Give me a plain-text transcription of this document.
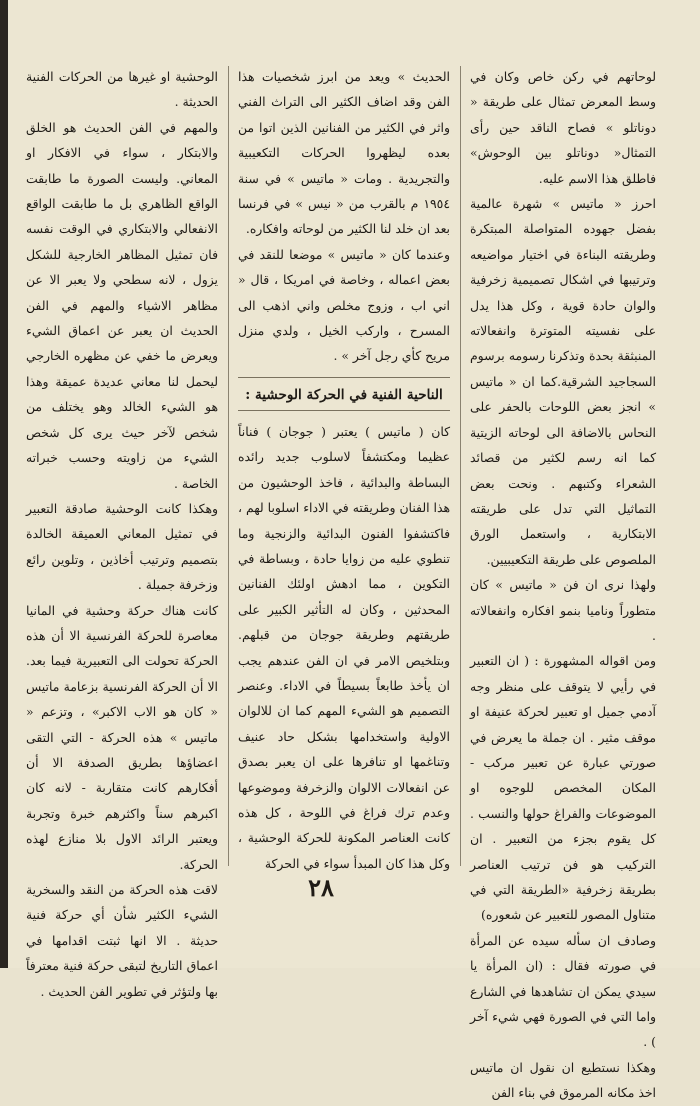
لوحاتهم في ركن خاص وكان في وسط المعرض تمثال على طريقة « دوناتلو » فصاح الناقد حين رأى التمثال« دوناتلو بين الوحوش» فاطلق هذا الاسم عليه.

احرز « ماتيس » شهرة عالمية بفضل جهوده المتواصلة المبتكرة وطريقته البناءة في اختيار مواضيعه وترتيبها في اشكال تصميمية زخرفية والوان حادة قوية ، وكل هذا يدل على نفسيته المتوترة وانفعالاته المنبثقة بحدة وتذكرنا رسومه برسوم السجاجيد الشرقية.كما ان « ماتيس » انجز بعض اللوحات بالحفر على النحاس بالاضافة الى لوحاته الزيتية كما انه رسم لكثير من قصائد الشعراء وكتبهم . ونحت بعض التماثيل التي تدل على طريقته الابتكارية ، واستعمل الورق الملصوص على طريقة التكعيبيين.

ولهذا نرى ان فن « ماتيس » كان متطوراً وناميا بنمو افكاره وانفعالاته .

ومن اقواله المشهورة : ( ان التعبير في رأيي لا يتوقف على منظر وجه آدمي جميل او تعبير لحركة عنيفة او موقف مثير . ان جملة ما يعرض في صورتي عبارة عن تعبير مركب - المكان المخصص للوجوه او الموضوعات والفراغ حولها والنسب . كل يقوم بجزء من التعبير . ان التركيب هو فن ترتيب العناصر بطريقة زخرفية «الطريقة التي في متناول المصور للتعبير عن شعوره)

وصادف ان سأله سيده عن المرأة في صورته فقال : (ان المرأة يا سيدي يمكن ان تشاهدها في الشارع واما التي في الصورة فهي شيء آخر ) .

وهكذا نستطيع ان نقول ان ماتيس اخذ مكانه المرموق في بناء الفن

الحديث » ويعد من ابرز شخصيات هذا الفن وقد اضاف الكثير الى التراث الفني واثر في الكثير من الفنانين الذين اتوا من بعده ليظهروا الحركات التكعيبية والتجريدية . ومات « ماتيس » في سنة ١٩٥٤ م بالقرب من « نيس » في فرنسا بعد ان خلد لنا الكثير من لوحاته وافكاره.

وعندما كان « ماتيس » موضعا للنقد في بعض اعماله ، وخاصة في امريكا ، قال « اني اب ، وزوج مخلص واني اذهب الى المسرح ، واركب الخيل ، ولدي منزل مريح كأي رجل آخر » .

الناحية الفنية في الحركة الوحشية :

كان ( ماتيس ) يعتبر ( جوجان ) فناناً عظيما ومكتشفاً لاسلوب جديد رائده البساطة والبدائية ، فاخذ الوحشيون من هذا الفنان وطريقته في الاداء اسلوبا لهم ، فاكتشفوا الفنون البدائية والزنجية وما تنطوي عليه من زوايا حادة ، وبساطة في التكوين ، مما ادهش اولئك الفنانين المحدثين ، وكان له التأثير الكبير على طريقتهم وطريقة جوجان من قبلهم. وبتلخيص الامر في ان الفن عندهم يجب ان يأخذ طابعاً بسيطاً في الاداء. وعنصر التصميم هو الشيء المهم كما ان للالوان الاولية واستخدامها بشكل حاد عنيف وتناغمها او تنافرها على ان يعبر بصدق عن انفعالات الالوان والزخرفة وموضوعها وعدم ترك فراغ في اللوحة ، كل هذه كانت العناصر المكونة للحركة الوحشية ، وكل هذا كان المبدأ سواء في الحركة

الوحشية او غيرها من الحركات الفنية الحديثة .

والمهم في الفن الحديث هو الخلق والابتكار ، سواء في الافكار او المعاني. وليست الصورة ما طابقت الواقع الظاهري بل ما طابقت الواقع الانفعالي والابتكاري في الوقت نفسه فان تمثيل المظاهر الخارجية للشكل يزول ، لانه سطحي ولا يعبر الا عن مظاهر الاشياء والمهم في الفن الحديث ان يعبر عن اعماق الشيء ويعرض ما خفي عن مظهره الخارجي ليحمل لنا معاني عديدة عميقة وهذا هو الشيء الخالد وهو يختلف من شخص لآخر حيث يرى كل شخص الشيء من زاويته وحسب خبراته الخاصة .

وهكذا كانت الوحشية صادقة التعبير في تمثيل المعاني العميقة الخالدة بتصميم وترتيب أخاذين ، وتلوين رائع وزخرفة جميلة .

كانت هناك حركة وحشية في المانيا معاصرة للحركة الفرنسية الا أن هذه الحركة تحولت الى التعبيرية فيما بعد. الا أن الحركة الفرنسية بزعامة ماتيس « كان هو الاب الاكبر» ، وتزعم « ماتيس » هذه الحركة - التي التقى اعضاؤها بطريق الصدفة الا أن أفكارهم كانت متقاربة - لانه كان اكبرهم سناً واكثرهم خبرة وتجربة ويعتبر الرائد الاول بلا منازع لهذه الحركة.

لاقت هذه الحركة من النقد والسخرية الشيء الكثير شأن أي حركة فنية حديثة . الا انها ثبتت اقدامها في اعماق التاريخ لتبقى حركة فنية معترفاً بها ولتؤثر في تطوير الفن الحديث .

٢٨
